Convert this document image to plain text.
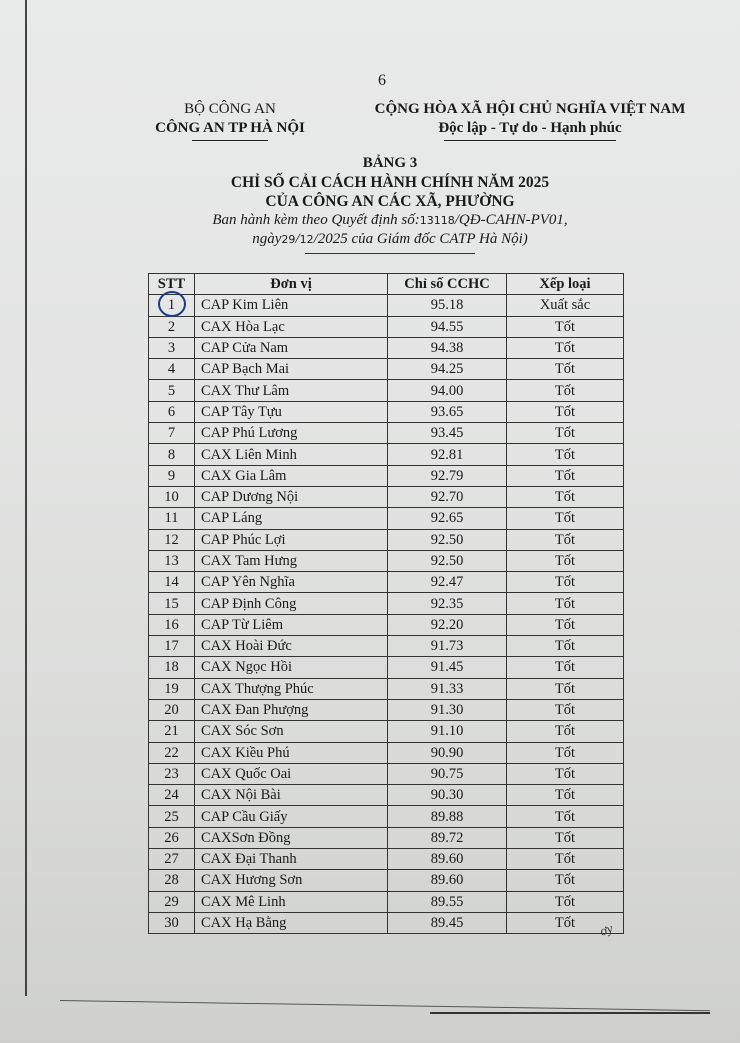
6
BỘ CÔNG AN
CÔNG AN TP HÀ NỘI
CỘNG HÒA XÃ HỘI CHỦ NGHĨA VIỆT NAM
Độc lập - Tự do - Hạnh phúc
BẢNG 3
CHỈ SỐ CẢI CÁCH HÀNH CHÍNH NĂM 2025
CỦA CÔNG AN CÁC XÃ, PHƯỜNG
Ban hành kèm theo Quyết định số:13118/QĐ-CAHN-PV01,
ngày29/12/2025 của Giám đốc CATP Hà Nội)
STT	Đơn vị	Chỉ số CCHC	Xếp loại
1	CAP Kim Liên	95.18	Xuất sắc
2	CAX Hòa Lạc	94.55	Tốt
3	CAP Cửa Nam	94.38	Tốt
4	CAP Bạch Mai	94.25	Tốt
5	CAX Thư Lâm	94.00	Tốt
6	CAP Tây Tựu	93.65	Tốt
7	CAP Phú Lương	93.45	Tốt
8	CAX Liên Minh	92.81	Tốt
9	CAX Gia Lâm	92.79	Tốt
10	CAP Dương Nội	92.70	Tốt
11	CAP Láng	92.65	Tốt
12	CAP Phúc Lợi	92.50	Tốt
13	CAX Tam Hưng	92.50	Tốt
14	CAP Yên Nghĩa	92.47	Tốt
15	CAP Định Công	92.35	Tốt
16	CAP Từ Liêm	92.20	Tốt
17	CAX Hoài Đức	91.73	Tốt
18	CAX Ngọc Hồi	91.45	Tốt
19	CAX Thượng Phúc	91.33	Tốt
20	CAX Đan Phượng	91.30	Tốt
21	CAX Sóc Sơn	91.10	Tốt
22	CAX Kiều Phú	90.90	Tốt
23	CAX Quốc Oai	90.75	Tốt
24	CAX Nội Bài	90.30	Tốt
25	CAP Cầu Giấy	89.88	Tốt
26	CAXSơn Đồng	89.72	Tốt
27	CAX Đại Thanh	89.60	Tốt
28	CAX Hương Sơn	89.60	Tốt
29	CAX Mê Linh	89.55	Tốt
30	CAX Hạ Bằng	89.45	Tốt ơy
